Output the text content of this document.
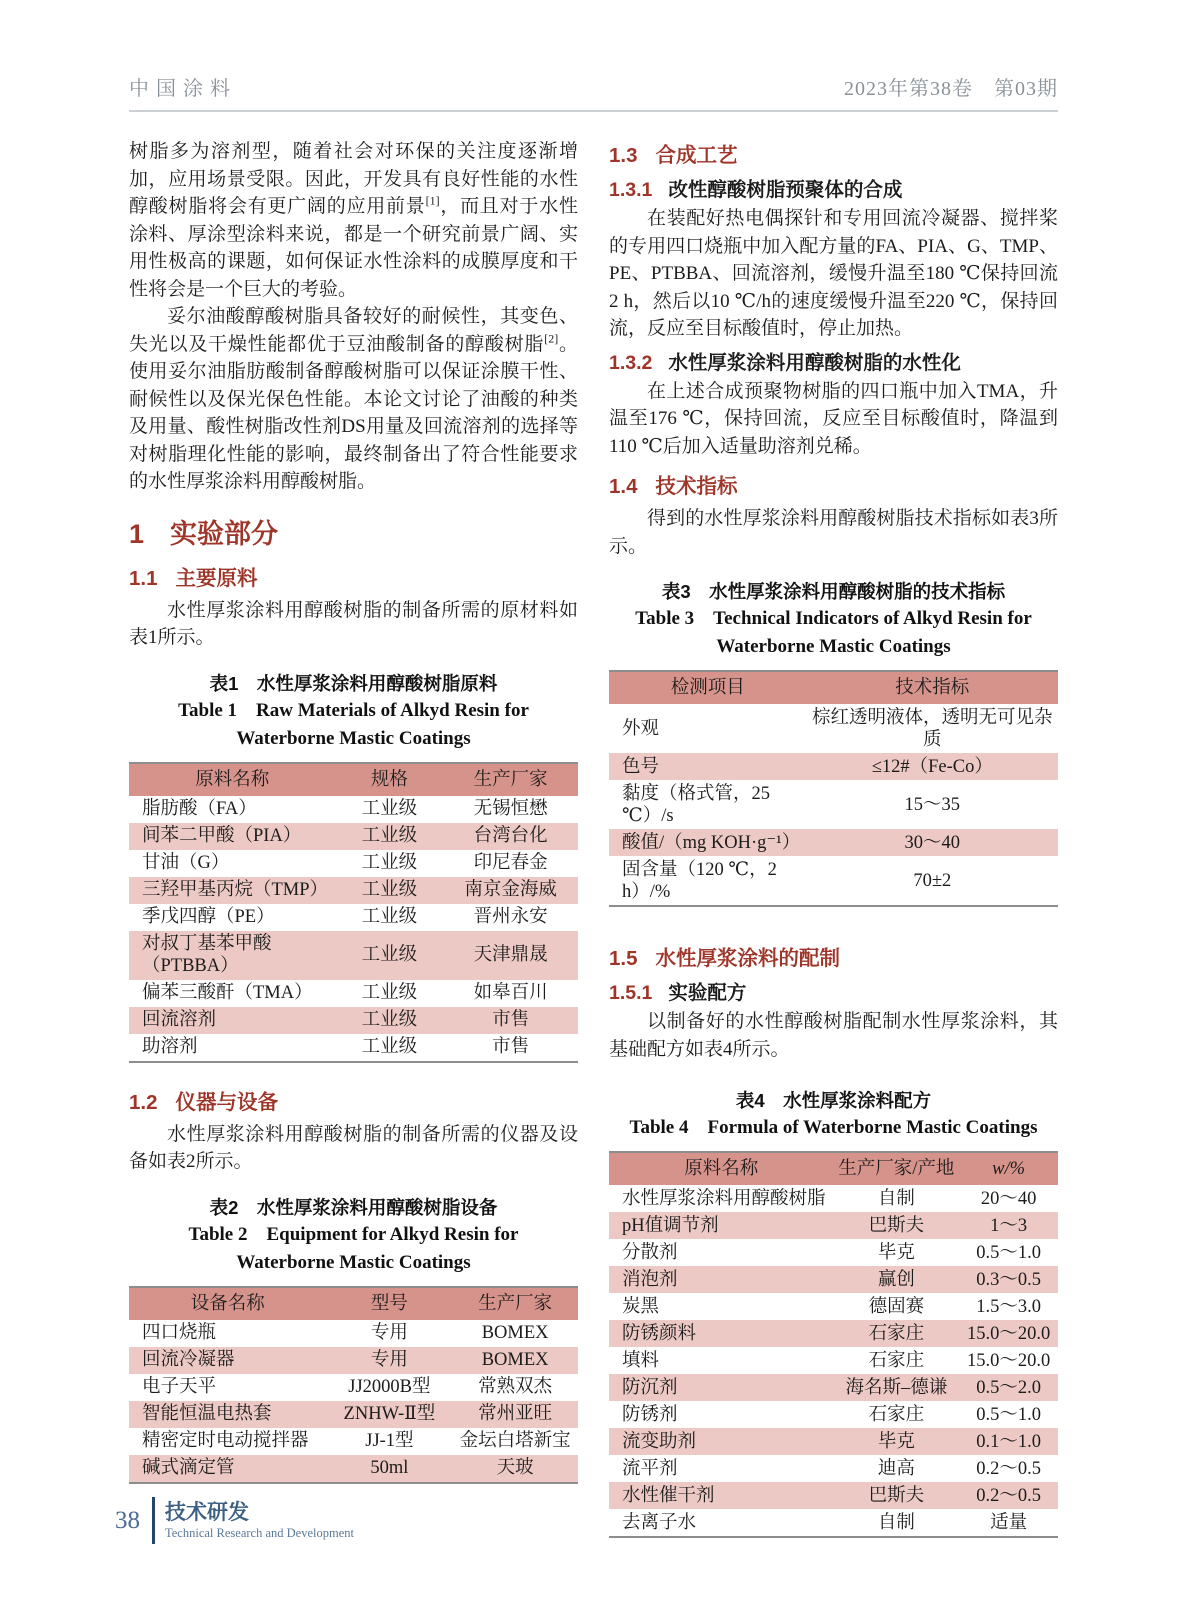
中国涂料	2023年第38卷　第03期

树脂多为溶剂型，随着社会对环保的关注度逐渐增加，应用场景受限。因此，开发具有良好性能的水性醇酸树脂将会有更广阔的应用前景[1]，而且对于水性涂料、厚涂型涂料来说，都是一个研究前景广阔、实用性极高的课题，如何保证水性涂料的成膜厚度和干性将会是一个巨大的考验。

妥尔油酸醇酸树脂具备较好的耐候性，其变色、失光以及干燥性能都优于豆油酸制备的醇酸树脂[2]。使用妥尔油脂肪酸制备醇酸树脂可以保证涂膜干性、耐候性以及保光保色性能。本论文讨论了油酸的种类及用量、酸性树脂改性剂DS用量及回流溶剂的选择等对树脂理化性能的影响，最终制备出了符合性能要求的水性厚浆涂料用醇酸树脂。

1 实验部分
1.1 主要原料

水性厚浆涂料用醇酸树脂的制备所需的原材料如表1所示。

表1　水性厚浆涂料用醇酸树脂原料
Table 1　Raw Materials of Alkyd Resin for Waterborne Mastic Coatings
原料名称	规格	生产厂家
脂肪酸（FA）	工业级	无锡恒懋
间苯二甲酸（PIA）	工业级	台湾台化
甘油（G）	工业级	印尼春金
三羟甲基丙烷（TMP）	工业级	南京金海威
季戊四醇（PE）	工业级	晋州永安
对叔丁基苯甲酸（PTBBA）	工业级	天津鼎晟
偏苯三酸酐（TMA）	工业级	如皋百川
回流溶剂	工业级	市售
助溶剂	工业级	市售
1.2 仪器与设备

水性厚浆涂料用醇酸树脂的制备所需的仪器及设备如表2所示。

表2　水性厚浆涂料用醇酸树脂设备
Table 2　Equipment for Alkyd Resin for Waterborne Mastic Coatings
设备名称	型号	生产厂家
四口烧瓶	专用	BOMEX
回流冷凝器	专用	BOMEX
电子天平	JJ2000B型	常熟双杰
智能恒温电热套	ZNHW-Ⅱ型	常州亚旺
精密定时电动搅拌器	JJ-1型	金坛白塔新宝
碱式滴定管	50ml	天玻
1.3 合成工艺
1.3.1 改性醇酸树脂预聚体的合成

在装配好热电偶探针和专用回流冷凝器、搅拌桨的专用四口烧瓶中加入配方量的FA、PIA、G、TMP、PE、PTBBA、回流溶剂，缓慢升温至180 ℃保持回流2 h，然后以10 ℃/h的速度缓慢升温至220 ℃，保持回流，反应至目标酸值时，停止加热。

1.3.2 水性厚浆涂料用醇酸树脂的水性化

在上述合成预聚物树脂的四口瓶中加入TMA，升温至176 ℃，保持回流，反应至目标酸值时，降温到110 ℃后加入适量助溶剂兑稀。

1.4 技术指标

得到的水性厚浆涂料用醇酸树脂技术指标如表3所示。

表3　水性厚浆涂料用醇酸树脂的技术指标
Table 3　Technical Indicators of Alkyd Resin for Waterborne Mastic Coatings
检测项目	技术指标
外观	棕红透明液体，透明无可见杂质
色号	≤12#（Fe-Co）
黏度（格式管，25 ℃）/s	15～35
酸值/（mg KOH·g⁻¹）	30～40
固含量（120 ℃，2 h）/%	70±2
1.5 水性厚浆涂料的配制
1.5.1 实验配方

以制备好的水性醇酸树脂配制水性厚浆涂料，其基础配方如表4所示。

表4　水性厚浆涂料配方
Table 4　Formula of Waterborne Mastic Coatings
原料名称	生产厂家/产地	w/%
水性厚浆涂料用醇酸树脂	自制	20～40
pH值调节剂	巴斯夫	1～3
分散剂	毕克	0.5～1.0
消泡剂	赢创	0.3～0.5
炭黑	德固赛	1.5～3.0
防锈颜料	石家庄	15.0～20.0
填料	石家庄	15.0～20.0
防沉剂	海名斯–德谦	0.5～2.0
防锈剂	石家庄	0.5～1.0
流变助剂	毕克	0.1～1.0
流平剂	迪高	0.2～0.5
水性催干剂	巴斯夫	0.2～0.5
去离子水	自制	适量
38 技术研发
Technical Research and Development
